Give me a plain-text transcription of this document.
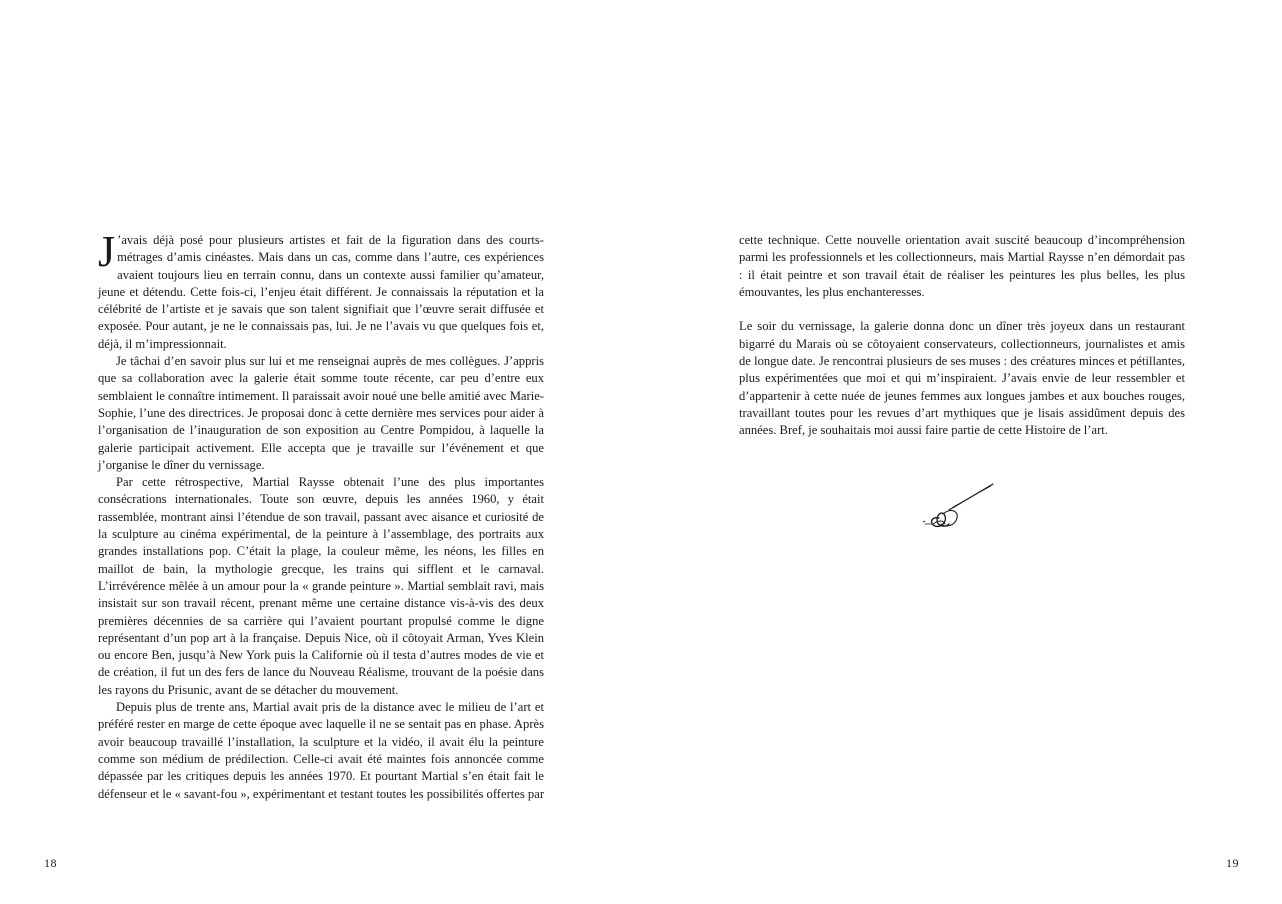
J ’avais déjà posé pour plusieurs artistes et fait de la figuration dans des courts-métrages d’amis cinéastes. Mais dans un cas, comme dans l’autre, ces expériences avaient toujours lieu en terrain connu, dans un contexte aussi familier qu’amateur, jeune et détendu. Cette fois-ci, l’enjeu était différent. Je connaissais la réputation et la célébrité de l’artiste et je savais que son talent signifiait que l’œuvre serait diffusée et exposée. Pour autant, je ne le connaissais pas, lui. Je ne l’avais vu que quelques fois et, déjà, il m’impressionnait.

Je tâchai d’en savoir plus sur lui et me renseignai auprès de mes collègues. J’appris que sa collaboration avec la galerie était somme toute récente, car peu d’entre eux semblaient le connaître intimement. Il paraissait avoir noué une belle amitié avec Marie-Sophie, l’une des directrices. Je proposai donc à cette dernière mes services pour aider à l’organisation de l’inauguration de son exposition au Centre Pompidou, à laquelle la galerie participait activement. Elle accepta que je travaille sur l’événement et que j’organise le dîner du vernissage.

Par cette rétrospective, Martial Raysse obtenait l’une des plus importantes consécrations internationales. Toute son œuvre, depuis les années 1960, y était rassemblée, montrant ainsi l’étendue de son travail, passant avec aisance et curiosité de la sculpture au cinéma expérimental, de la peinture à l’assemblage, des portraits aux grandes installations pop. C’était la plage, la couleur même, les néons, les filles en maillot de bain, la mythologie grecque, les trains qui sifflent et le carnaval. L’irrévérence mêlée à un amour pour la « grande peinture ». Martial semblait ravi, mais insistait sur son travail récent, prenant même une certaine distance vis-à-vis des deux premières décennies de sa carrière qui l’avaient pourtant propulsé comme le digne représentant d’un pop art à la française. Depuis Nice, où il côtoyait Arman, Yves Klein ou encore Ben, jusqu’à New York puis la Californie où il testa d’autres modes de vie et de création, il fut un des fers de lance du Nouveau Réalisme, trouvant de la poésie dans les rayons du Prisunic, avant de se détacher du mouvement.

Depuis plus de trente ans, Martial avait pris de la distance avec le milieu de l’art et préféré rester en marge de cette époque avec laquelle il ne se sentait pas en phase. Après avoir beaucoup travaillé l’installation, la sculpture et la vidéo, il avait élu la peinture comme son médium de prédilection. Celle-ci avait été maintes fois annoncée comme dépassée par les critiques depuis les années 1970. Et pourtant Martial s’en était fait le défenseur et le « savant-fou », expérimentant et testant toutes les possibilités offertes par

18

cette technique. Cette nouvelle orientation avait suscité beaucoup d’incompréhension parmi les professionnels et les collectionneurs, mais Martial Raysse n’en démordait pas : il était peintre et son travail était de réaliser les peintures les plus belles, les plus émouvantes, les plus enchanteresses.

Le soir du vernissage, la galerie donna donc un dîner très joyeux dans un restaurant bigarré du Marais où se côtoyaient conservateurs, collectionneurs, journalistes et amis de longue date. Je rencontrai plusieurs de ses muses : des créatures minces et pétillantes, plus expérimentées que moi et qui m’inspiraient. J’avais envie de leur ressembler et d’appartenir à cette nuée de jeunes femmes aux longues jambes et aux bouches rouges, travaillant toutes pour les revues d’art mythiques que je lisais assidûment depuis des années. Bref, je souhaitais moi aussi faire partie de cette Histoire de l’art.

19
